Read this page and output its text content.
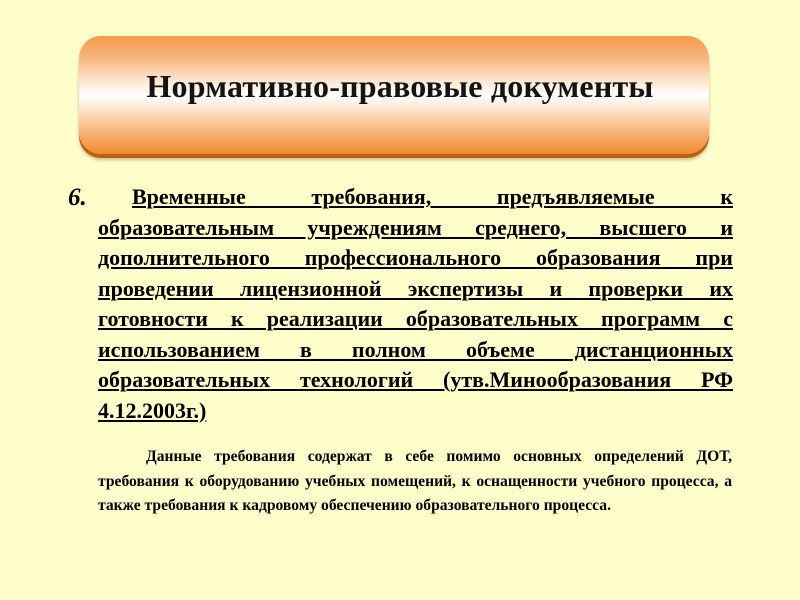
Нормативно-правовые документы
6.	Временные требования, предъявляемые к образовательным учреждениям среднего, высшего и дополнительного профессионального образования при проведении лицензионной экспертизы и проверки их готовности к реализации образовательных программ с использованием в полном объеме дистанционных образовательных технологий (утв.Минообразования РФ 4.12.2003г.)
Данные требования содержат в себе помимо основных определений ДОТ, требования к оборудованию учебных помещений, к оснащенности учебного процесса, а также требования к кадровому обеспечению образовательного процесса.
